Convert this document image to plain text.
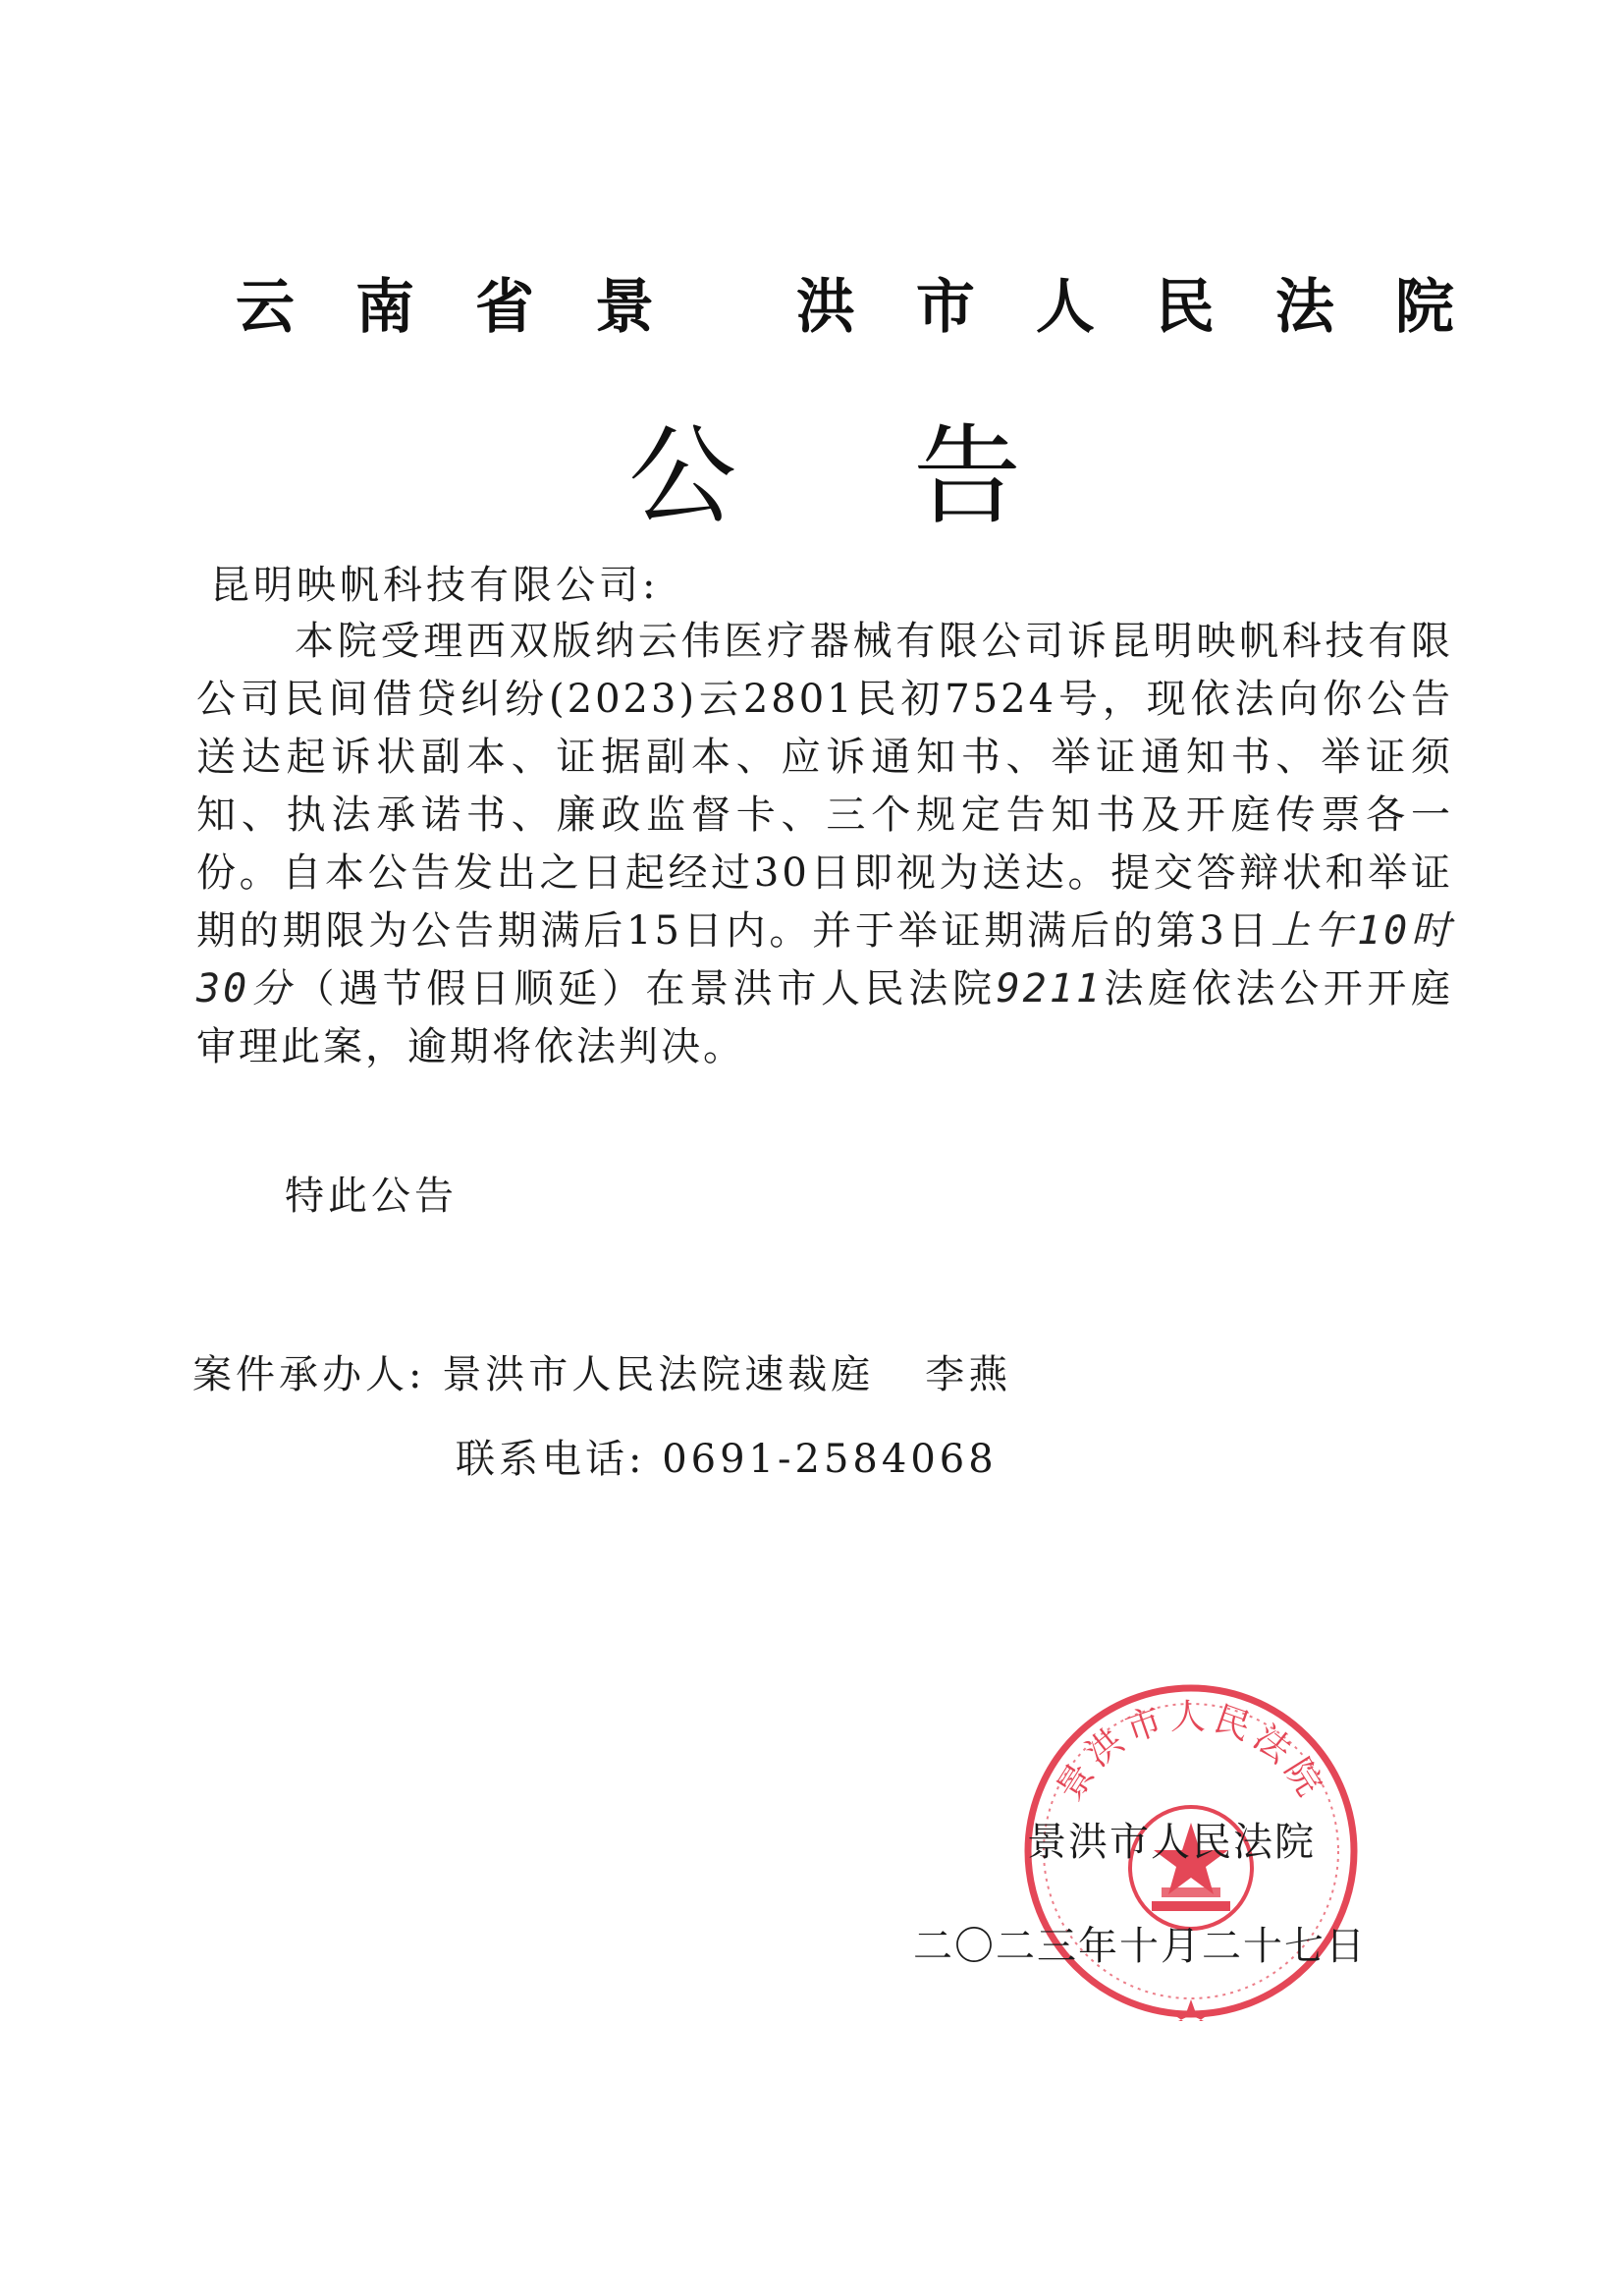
云南省景 洪市人民法院
公告
昆明映帆科技有限公司:
本院受理西双版纳云伟医疗器械有限公司诉昆明映帆科技有限公司民间借贷纠纷(2023)云2801民初7524号，现依法向你公告送达起诉状副本、证据副本、应诉通知书、举证通知书、举证须知、执法承诺书、廉政监督卡、三个规定告知书及开庭传票各一份。自本公告发出之日起经过30日即视为送达。提交答辩状和举证期的期限为公告期满后15日内。并于举证期满后的第3日上午10时30分（遇节假日顺延）在景洪市人民法院9211法庭依法公开开庭审理此案，逾期将依法判决。
特此公告
案件承办人: 景洪市人民法院速裁庭 李燕
联系电话: 0691-2584068
景洪市人民法院
景洪市人民法院
二〇二三年十月二十七日
